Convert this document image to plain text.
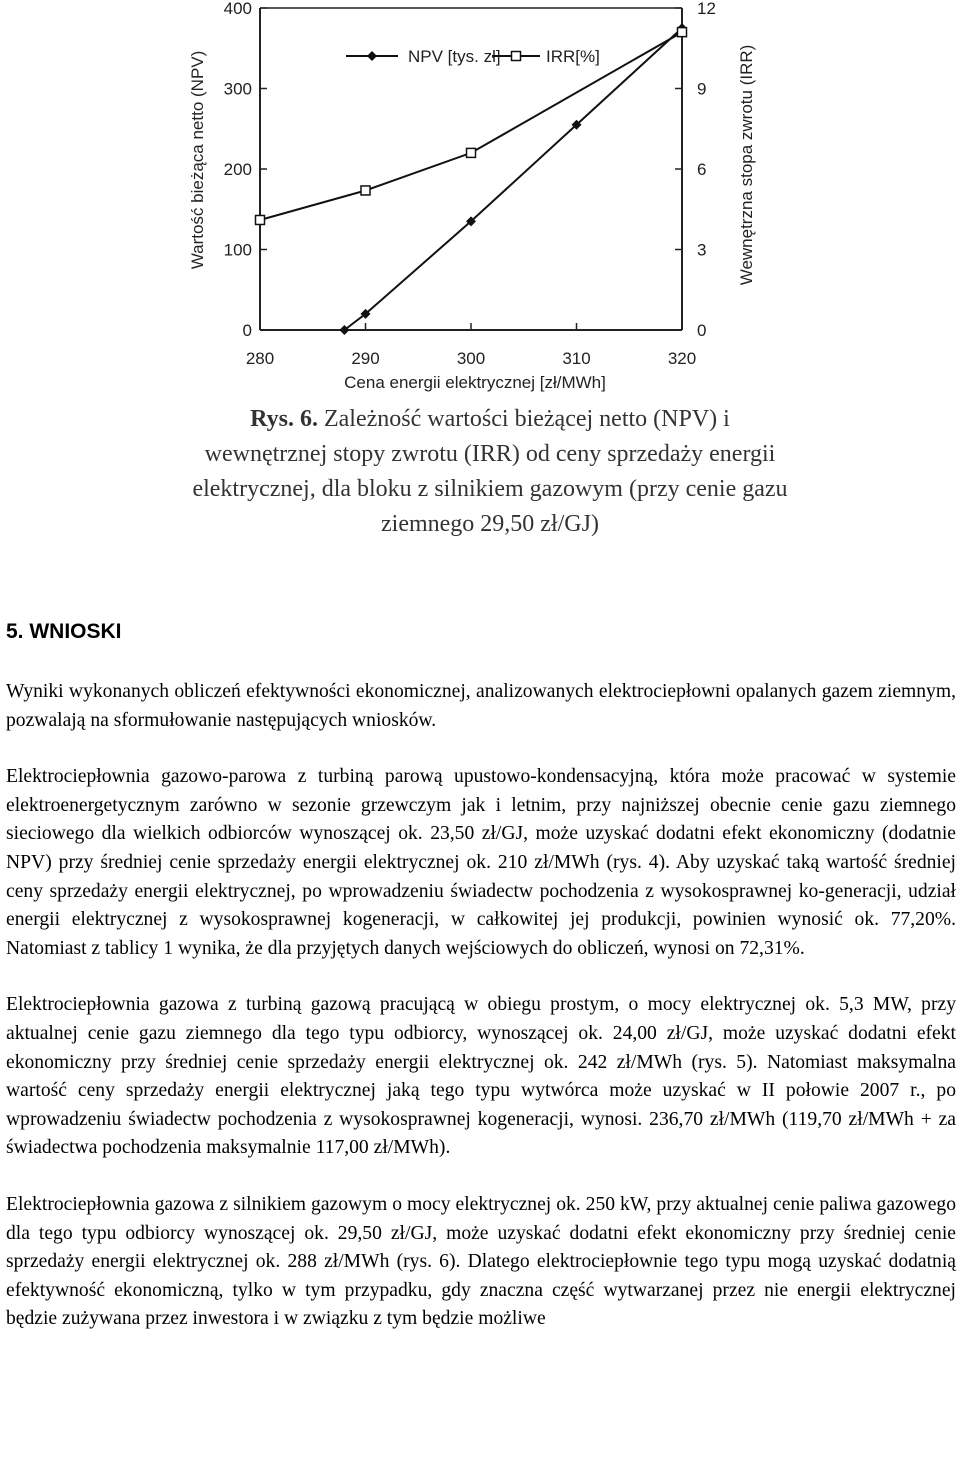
280	290	300	310	320
0
100
200
300
400
0
3
6
9
12
NPV [tys. zł]	IRR[%]
Wartość bieżąca netto (NPV)	Wewnętrzna stopa zwrotu (IRR)
Cena energii elektrycznej [zł/MWh]
Rys. 6. Zależność wartości bieżącej netto (NPV) i wewnętrznej stopy zwrotu (IRR) od ceny sprzedaży energii elektrycznej, dla bloku z silnikiem gazowym (przy cenie gazu ziemnego 29,50 zł/GJ)
5. WNIOSKI

Wyniki wykonanych obliczeń efektywności ekonomicznej, analizowanych elektrociepłowni opalanych gazem ziemnym, pozwalają na sformułowanie następujących wniosków.

Elektrociepłownia gazowo-parowa z turbiną parową upustowo-kondensacyjną, która może pracować w systemie elektroenergetycznym zarówno w sezonie grzewczym jak i letnim, przy najniższej obecnie cenie gazu ziemnego sieciowego dla wielkich odbiorców wynoszącej ok. 23,50 zł/GJ, może uzyskać dodatni efekt ekonomiczny (dodatnie NPV) przy średniej cenie sprzedaży energii elektrycznej ok. 210 zł/MWh (rys. 4). Aby uzyskać taką wartość średniej ceny sprzedaży energii elektrycznej, po wprowadzeniu świadectw pochodzenia z wysokosprawnej ko-generacji, udział energii elektrycznej z wysokosprawnej kogeneracji, w całkowitej jej produkcji, powinien wynosić ok. 77,20%. Natomiast z tablicy 1 wynika, że dla przyjętych danych wejściowych do obliczeń, wynosi on 72,31%.

Elektrociepłownia gazowa z turbiną gazową pracującą w obiegu prostym, o mocy elektrycznej ok. 5,3 MW, przy aktualnej cenie gazu ziemnego dla tego typu odbiorcy, wynoszącej ok. 24,00 zł/GJ, może uzyskać dodatni efekt ekonomiczny przy średniej cenie sprzedaży energii elektrycznej ok. 242 zł/MWh (rys. 5). Natomiast maksymalna wartość ceny sprzedaży energii elektrycznej jaką tego typu wytwórca może uzyskać w II połowie 2007 r., po wprowadzeniu świadectw pochodzenia z wysokosprawnej kogeneracji, wynosi. 236,70 zł/MWh (119,70 zł/MWh + za świadectwa pochodzenia maksymalnie 117,00 zł/MWh).

Elektrociepłownia gazowa z silnikiem gazowym o mocy elektrycznej ok. 250 kW, przy aktualnej cenie paliwa gazowego dla tego typu odbiorcy wynoszącej ok. 29,50 zł/GJ, może uzyskać dodatni efekt ekonomiczny przy średniej cenie sprzedaży energii elektrycznej ok. 288 zł/MWh (rys. 6). Dlatego elektrociepłownie tego typu mogą uzyskać dodatnią efektywność ekonomiczną, tylko w tym przypadku, gdy znaczna część wytwarzanej przez nie energii elektrycznej będzie zużywana przez inwestora i w związku z tym będzie możliwe
